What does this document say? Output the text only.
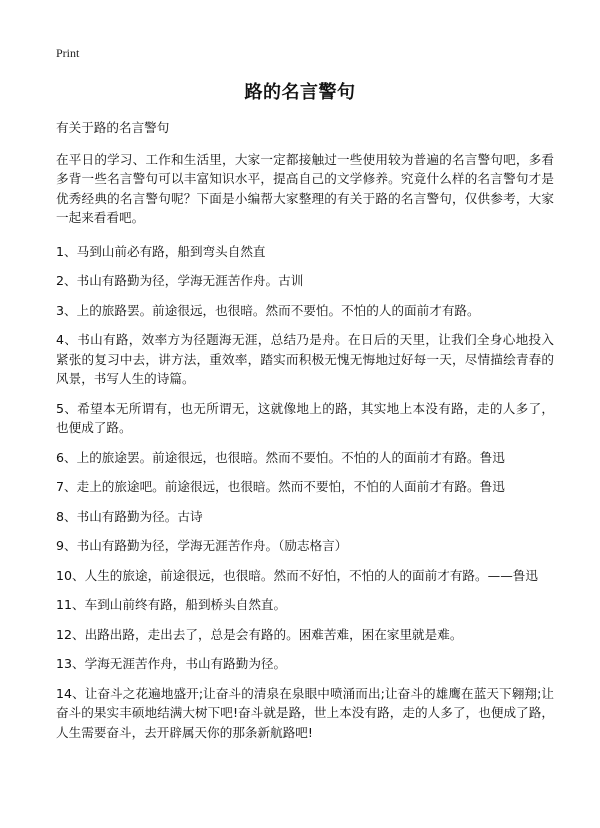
Print
路的名言警句

有关于路的名言警句

在平日的学习、工作和生活里，大家一定都接触过一些使用较为普遍的名言警句吧，多看多背一些名言警句可以丰富知识水平，提高自己的文学修养。究竟什么样的名言警句才是优秀经典的名言警句呢？下面是小编帮大家整理的有关于路的名言警句，仅供参考，大家一起来看看吧。

1、马到山前必有路，船到弯头自然直
2、书山有路勤为径，学海无涯苦作舟。古训
3、上的旅路罢。前途很远，也很暗。然而不要怕。不怕的人的面前才有路。
4、书山有路，效率方为径题海无涯，总结乃是舟。在日后的天里，让我们全身心地投入紧张的复习中去，讲方法，重效率，踏实而积极无愧无悔地过好每一天，尽情描绘青春的风景，书写人生的诗篇。
5、希望本无所谓有，也无所谓无，这就像地上的路，其实地上本没有路，走的人多了，也便成了路。
6、上的旅途罢。前途很远，也很暗。然而不要怕。不怕的人的面前才有路。鲁迅
7、走上的旅途吧。前途很远，也很暗。然而不要怕，不怕的人面前才有路。鲁迅
8、书山有路勤为径。古诗
9、书山有路勤为径，学海无涯苦作舟。（励志格言）
10、人生的旅途，前途很远，也很暗。然而不好怕，不怕的人的面前才有路。——鲁迅
11、车到山前终有路，船到桥头自然直。
12、出路出路，走出去了，总是会有路的。困难苦难，困在家里就是难。
13、学海无涯苦作舟，书山有路勤为径。
14、让奋斗之花遍地盛开;让奋斗的清泉在泉眼中喷涌而出;让奋斗的雄鹰在蓝天下翱翔;让奋斗的果实丰硕地结满大树下吧!奋斗就是路，世上本没有路，走的人多了，也便成了路，人生需要奋斗，去开辟属天你的那条新航路吧!
